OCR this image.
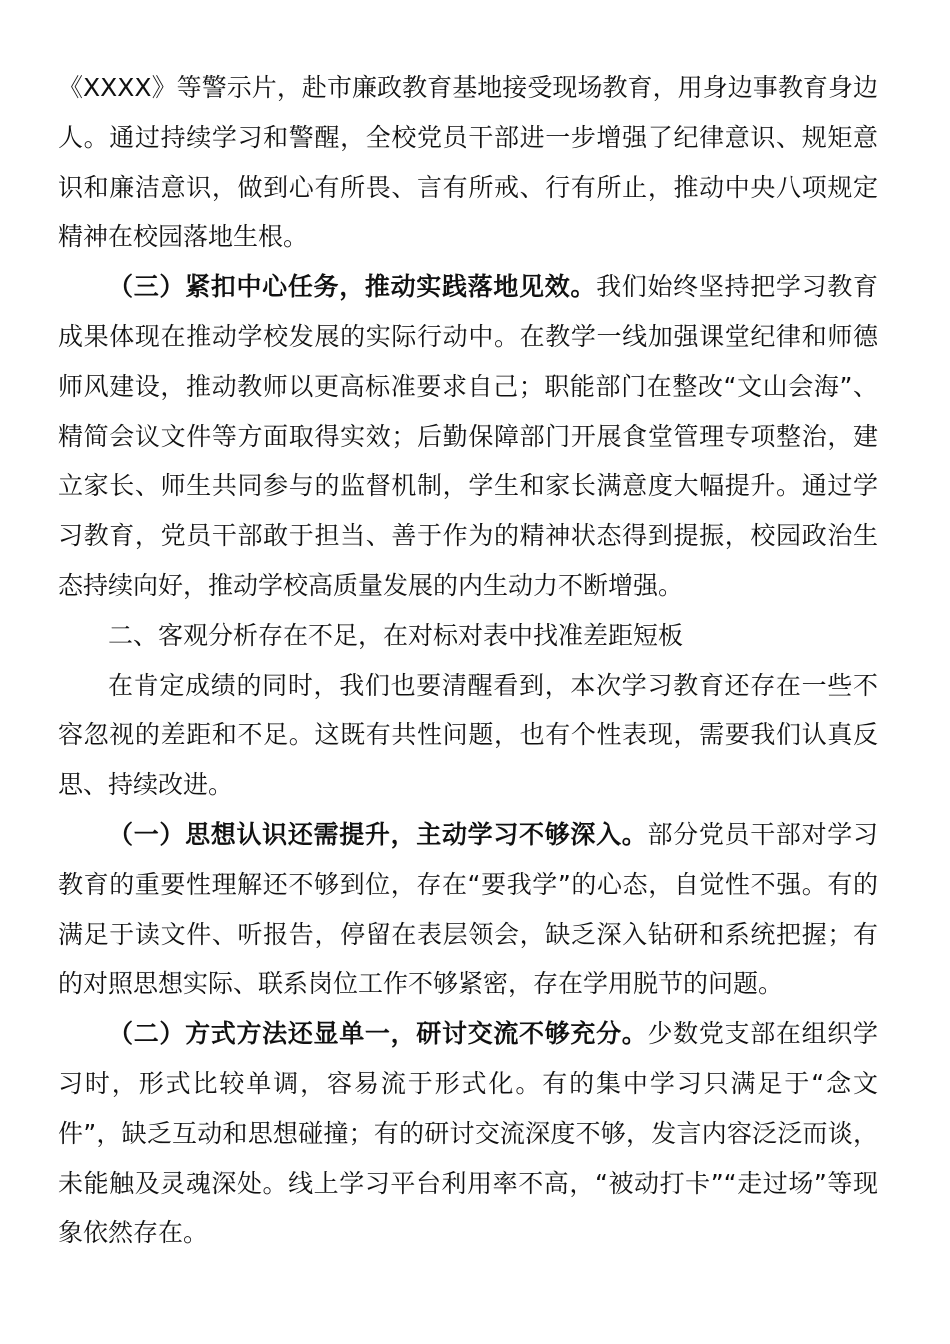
《XXXX》等警示片，赴市廉政教育基地接受现场教育，用身边事教育身边人。通过持续学习和警醒，全校党员干部进一步增强了纪律意识、规矩意识和廉洁意识，做到心有所畏、言有所戒、行有所止，推动中央八项规定精神在校园落地生根。

（三）紧扣中心任务，推动实践落地见效。我们始终坚持把学习教育成果体现在推动学校发展的实际行动中。在教学一线加强课堂纪律和师德师风建设，推动教师以更高标准要求自己；职能部门在整改“文山会海”、精简会议文件等方面取得实效；后勤保障部门开展食堂管理专项整治，建立家长、师生共同参与的监督机制，学生和家长满意度大幅提升。通过学习教育，党员干部敢于担当、善于作为的精神状态得到提振，校园政治生态持续向好，推动学校高质量发展的内生动力不断增强。

二、客观分析存在不足，在对标对表中找准差距短板

在肯定成绩的同时，我们也要清醒看到，本次学习教育还存在一些不容忽视的差距和不足。这既有共性问题，也有个性表现，需要我们认真反思、持续改进。

（一）思想认识还需提升，主动学习不够深入。部分党员干部对学习教育的重要性理解还不够到位，存在“要我学”的心态，自觉性不强。有的满足于读文件、听报告，停留在表层领会，缺乏深入钻研和系统把握；有的对照思想实际、联系岗位工作不够紧密，存在学用脱节的问题。

（二）方式方法还显单一，研讨交流不够充分。少数党支部在组织学习时，形式比较单调，容易流于形式化。有的集中学习只满足于“念文件”，缺乏互动和思想碰撞；有的研讨交流深度不够，发言内容泛泛而谈，未能触及灵魂深处。线上学习平台利用率不高，“被动打卡”“走过场”等现象依然存在。
